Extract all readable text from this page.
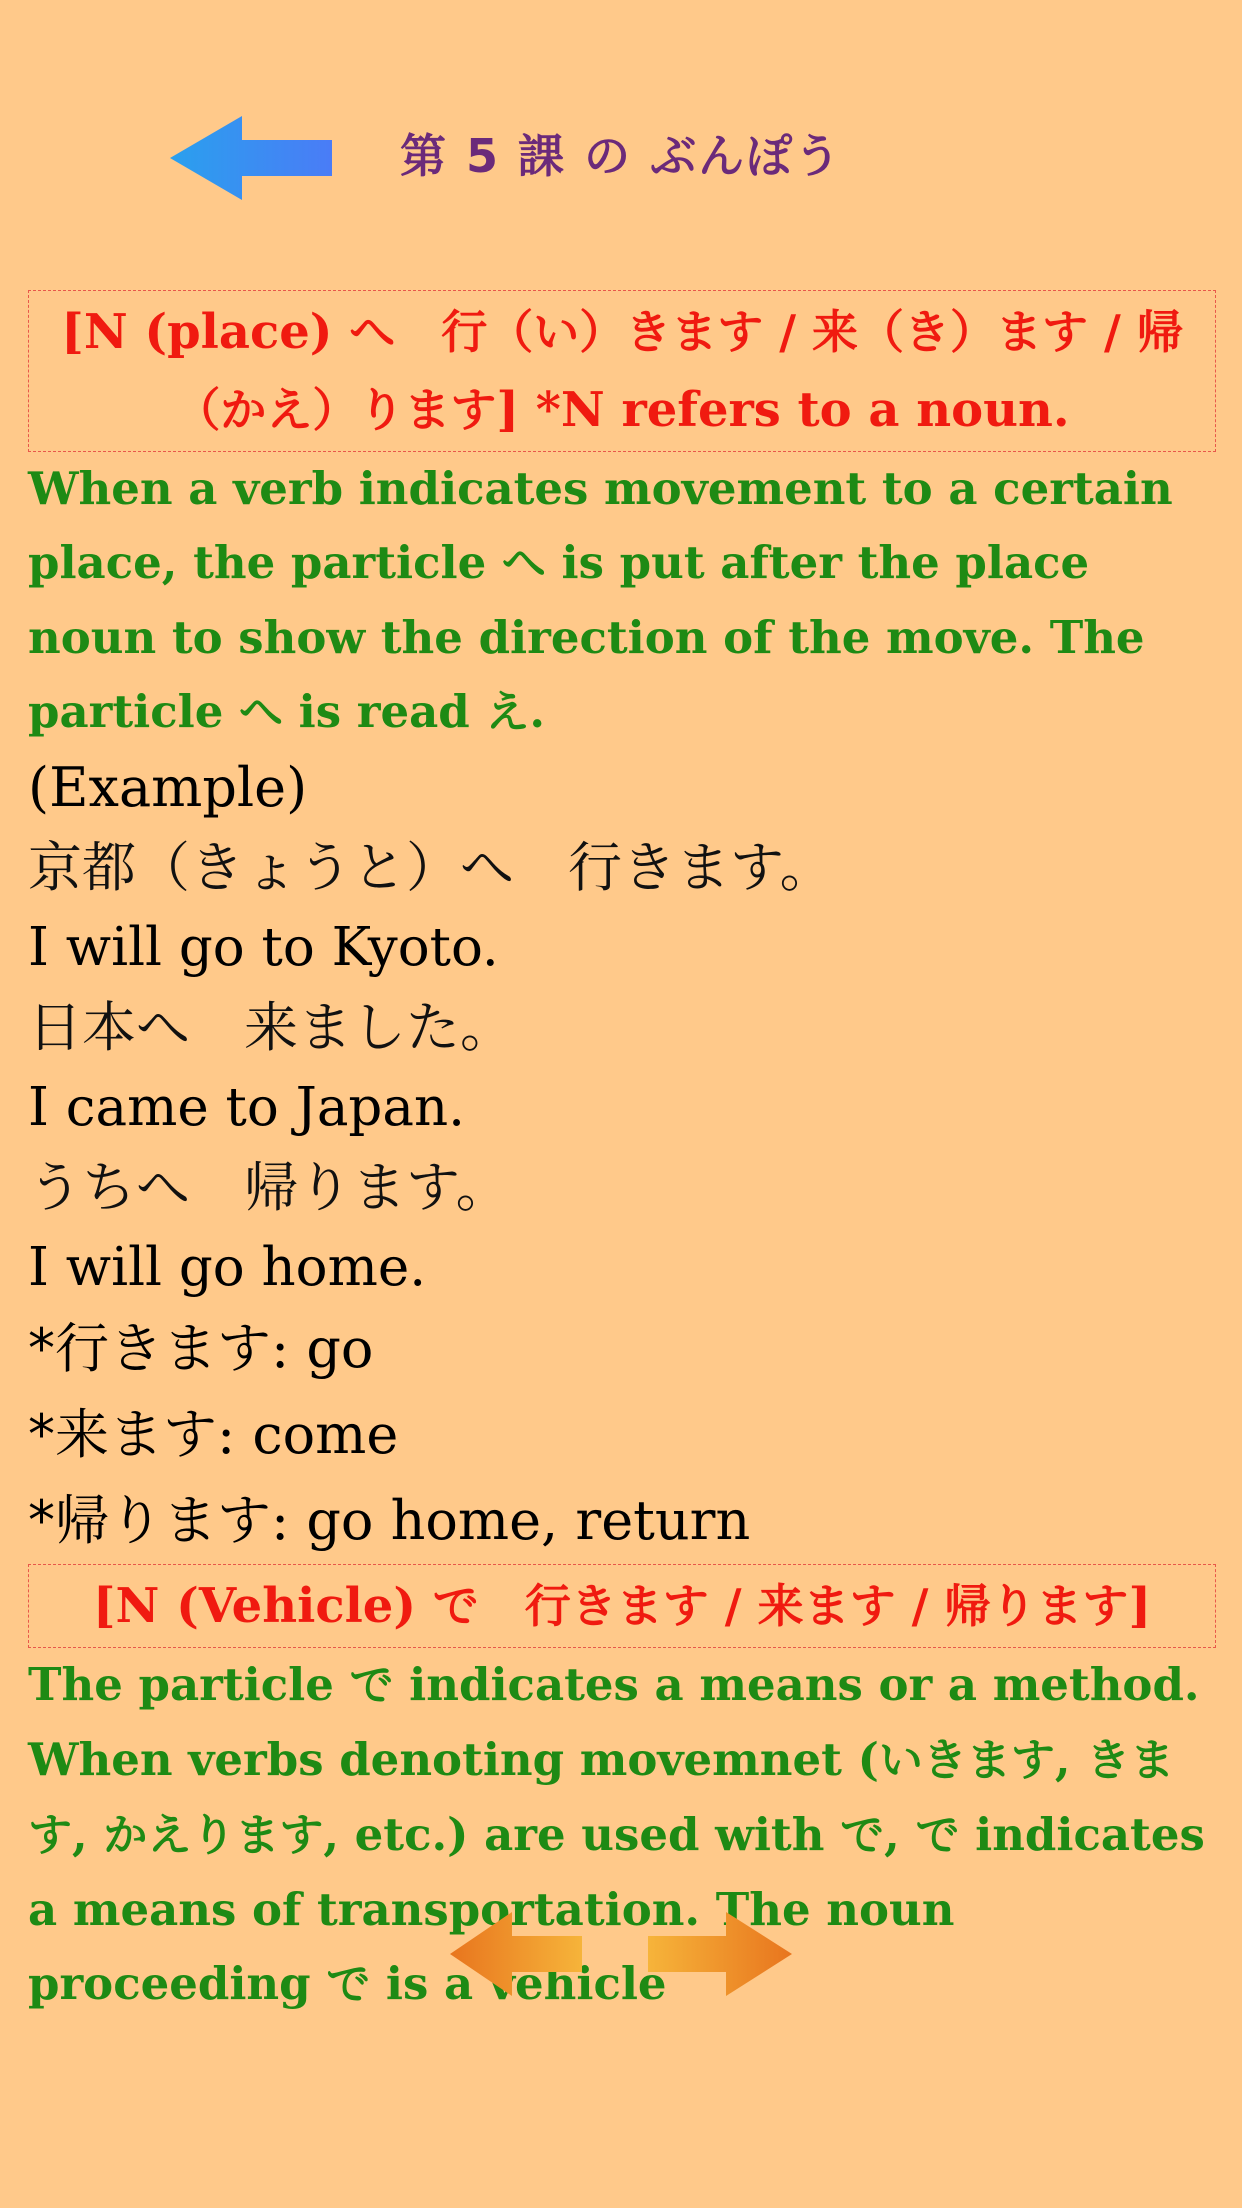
第 5 課 の ぶんぽう
[N (place) へ　行（い）きます / 来（き）ます / 帰（かえ）ります] *N refers to a noun.

When a verb indicates movement to a certain place, the particle へ is put after the place noun to show the direction of the move. The particle へ is read え.

(Example)
京都（きょうと）へ　行きます。
I will go to Kyoto.
日本へ　来ました。
I came to Japan.
うちへ　帰ります。
I will go home.
*行きます: go
*来ます: come
*帰ります: go home, return
[N (Vehicle) で　行きます / 来ます / 帰ります]

The particle で indicates a means or a method. When verbs denoting movemnet (いきます, きます, かえります, etc.) are used with で, で indicates a means of transportation. The noun proceeding で is a vehicle
